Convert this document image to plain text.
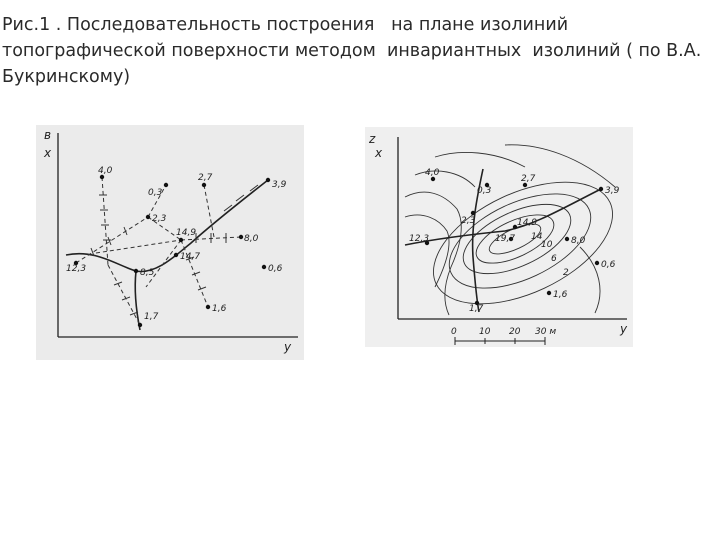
Рис.1 . Последовательность построения   на плане изолиний топографической поверхности методом  инвариантных  изолиний ( по В.А. Букринскому)
в
x
y
4,0
0,3
2,7
3,9
2,3
14,9
8,0
12,3	8,5
14,7
0,6
1,6
1,7
z
x
y
4,0
0,3
2,7
3,9
2,3	14,9
19,7
12,3	8,0
0,6
1,6
1,7
10
6
2
14
0 10 20 30 м
